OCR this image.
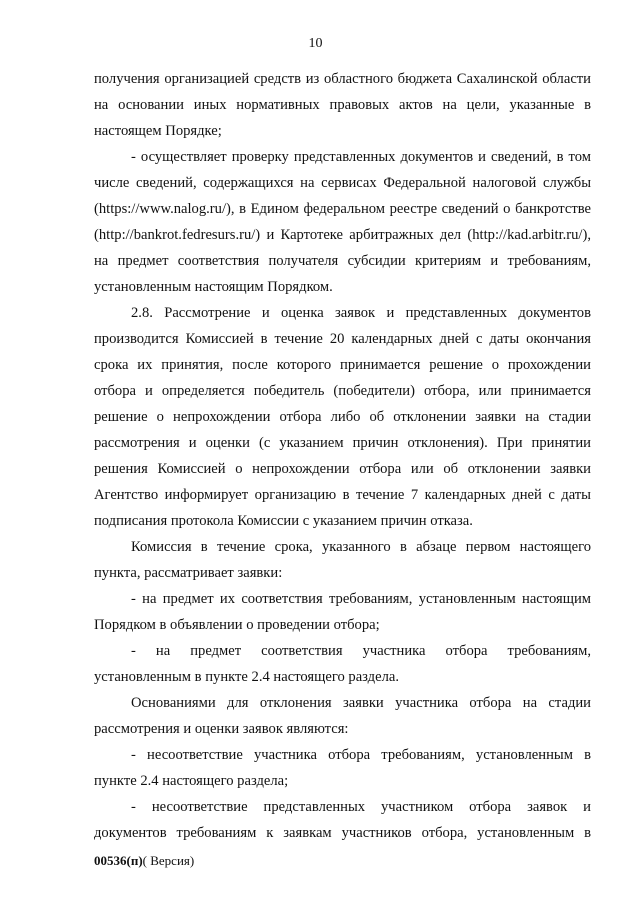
10
получения организацией средств из областного бюджета Сахалинской области
на основании иных нормативных правовых актов на цели, указанные в
настоящем Порядке;
- осуществляет проверку представленных документов и сведений, в том
числе сведений, содержащихся на сервисах Федеральной налоговой службы
(https://www.nalog.ru/), в Едином федеральном реестре сведений о банкротстве
(http://bankrot.fedresurs.ru/) и Картотеке арбитражных дел (http://kad.arbitr.ru/),
на предмет соответствия получателя субсидии критериям и требованиям,
установленным настоящим Порядком.
2.8. Рассмотрение и оценка заявок и представленных документов
производится Комиссией в течение 20 календарных дней с даты окончания
срока их принятия, после которого принимается решение о прохождении
отбора и определяется победитель (победители) отбора, или принимается
решение о непрохождении отбора либо об отклонении заявки на стадии
рассмотрения и оценки (с указанием причин отклонения). При принятии
решения Комиссией о непрохождении отбора или об отклонении заявки
Агентство информирует организацию в течение 7 календарных дней с даты
подписания протокола Комиссии с указанием причин отказа.
Комиссия в течение срока, указанного в абзаце первом настоящего
пункта, рассматривает заявки:
- на предмет их соответствия требованиям, установленным настоящим
Порядком в объявлении о проведении отбора;
- на предмет соответствия участника отбора требованиям,
установленным в пункте 2.4 настоящего раздела.
Основаниями для отклонения заявки участника отбора на стадии
рассмотрения и оценки заявок являются:
- несоответствие участника отбора требованиям, установленным в
пункте 2.4 настоящего раздела;
- несоответствие представленных участником отбора заявок и
документов требованиям к заявкам участников отбора, установленным в
00536(п)( Версия)
